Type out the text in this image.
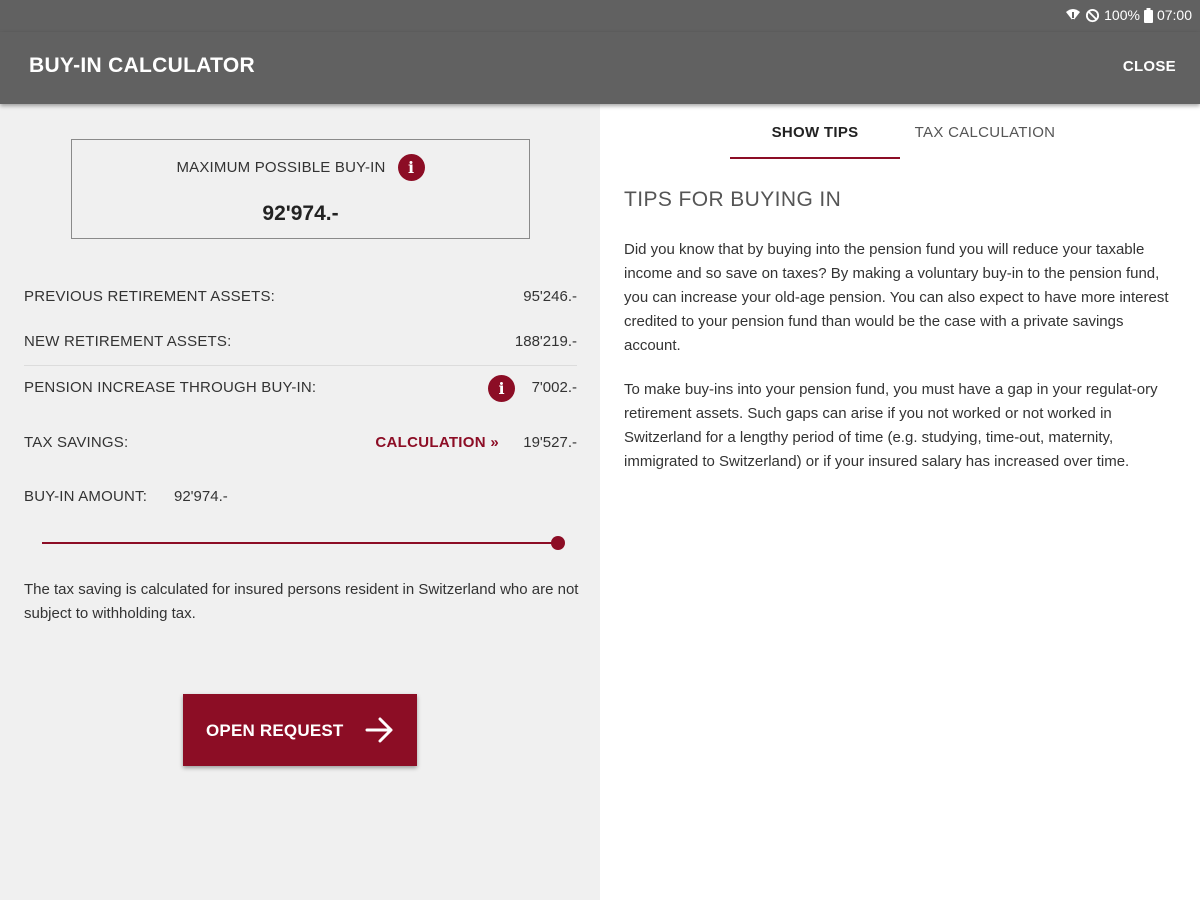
100% 07:00
BUY-IN CALCULATOR	CLOSE
MAXIMUM POSSIBLE BUY-IN	i
92'974.-
PREVIOUS RETIREMENT ASSETS:	95'246.-
NEW RETIREMENT ASSETS:	188'219.-
PENSION INCREASE THROUGH BUY-IN:	i	7'002.-
TAX SAVINGS:	CALCULATION » 19'527.-
BUY-IN AMOUNT: 92'974.-
The tax saving is calculated for insured persons resident in Switzerland who are not subject to withholding tax.
OPEN REQUEST
SHOW TIPS	TAX CALCULATION
TIPS FOR BUYING IN

Did you know that by buying into the pension fund you will reduce your taxable income and so save on taxes? By making a voluntary buy-in to the pension fund, you can increase your old-age pension. You can also expect to have more interest credited to your pension fund than would be the case with a private savings account.

To make buy-ins into your pension fund, you must have a gap in your regulat-ory retirement assets. Such gaps can arise if you not worked or not worked in Switzerland for a lengthy period of time (e.g. studying, time-out, maternity, immigrated to Switzerland) or if your insured salary has increased over time.
